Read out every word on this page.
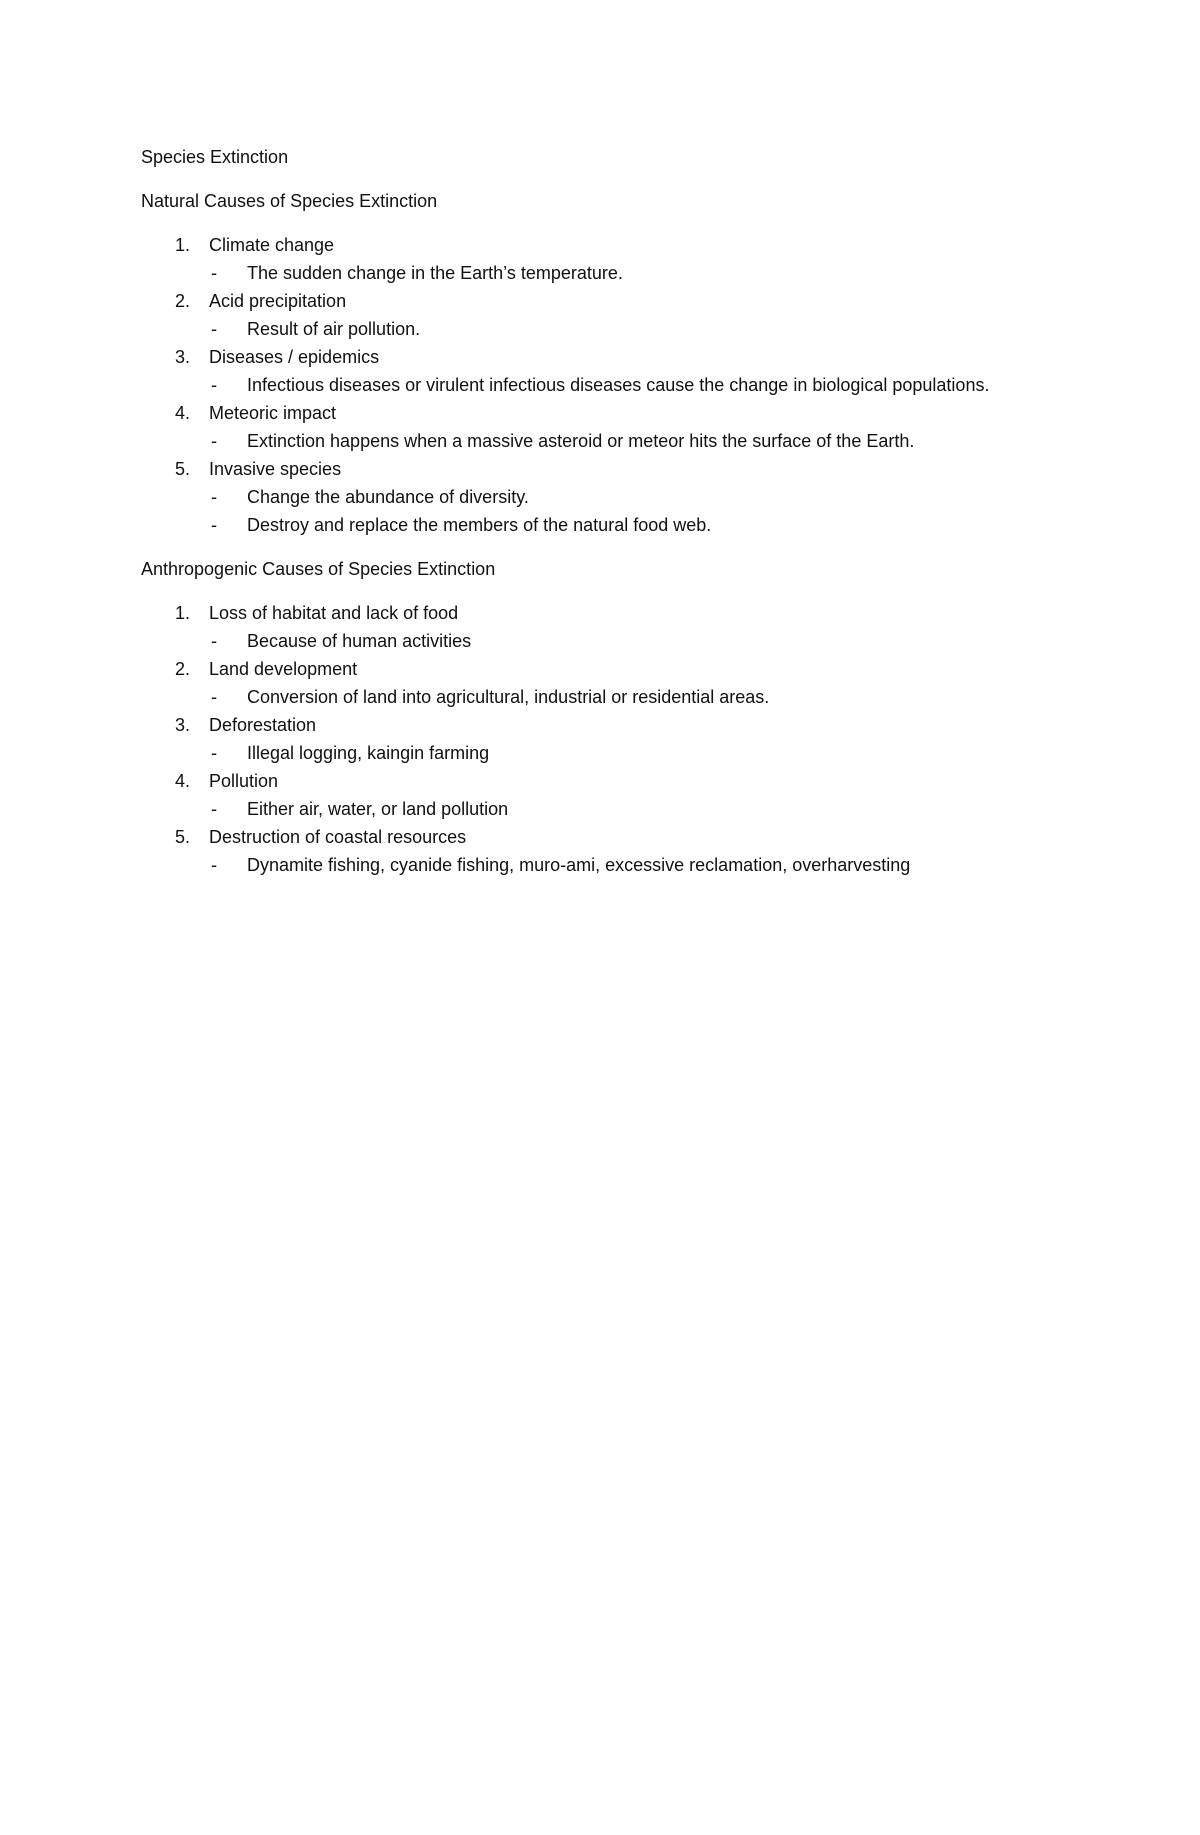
Species Extinction

Natural Causes of Species Extinction

1.	Climate change
-	The sudden change in the Earth’s temperature.
2.	Acid precipitation
-	Result of air pollution.
3.	Diseases / epidemics
-	Infectious diseases or virulent infectious diseases cause the change in biological populations.
4.	Meteoric impact
-	Extinction happens when a massive asteroid or meteor hits the surface of the Earth.
5.	Invasive species
-	Change the abundance of diversity.
-	Destroy and replace the members of the natural food web.

Anthropogenic Causes of Species Extinction

1.	Loss of habitat and lack of food
-	Because of human activities
2.	Land development
-	Conversion of land into agricultural, industrial or residential areas.
3.	Deforestation
-	Illegal logging, kaingin farming
4.	Pollution
-	Either air, water, or land pollution
5.	Destruction of coastal resources
-	Dynamite fishing, cyanide fishing, muro-ami, excessive reclamation, overharvesting
